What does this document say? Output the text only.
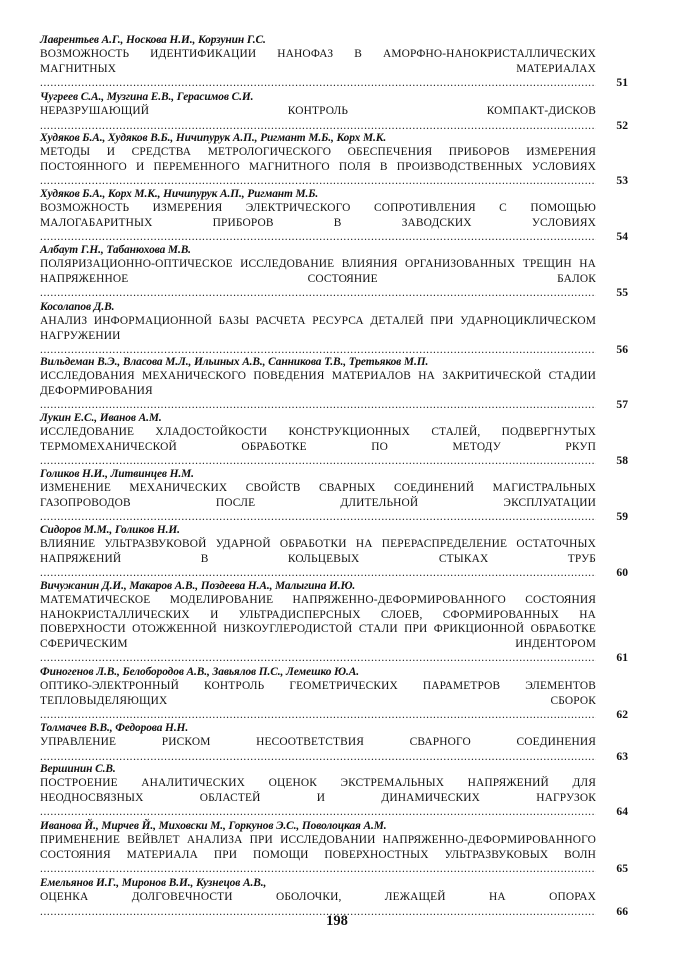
Лаврентьев А.Г., Носкова Н.И., Корзунин Г.С.
ВОЗМОЖНОСТЬ ИДЕНТИФИКАЦИИ НАНОФАЗ В АМОРФНО-НАНОКРИСТАЛЛИЧЕСКИХ МАГНИТНЫХ МАТЕРИАЛАХ .....
51
Чугреев С.А., Музгина Е.В., Герасимов С.И.
НЕРАЗРУШАЮЩИЙ КОНТРОЛЬ КОМПАКТ-ДИСКОВ .....
52
Худяков Б.А., Худяков В.Б., Ничипурук А.П., Ригмант М.Б., Корх М.К.
МЕТОДЫ И СРЕДСТВА МЕТРОЛОГИЧЕСКОГО ОБЕСПЕЧЕНИЯ ПРИБОРОВ ИЗМЕРЕНИЯ ПОСТОЯННОГО И ПЕРЕМЕННОГО МАГНИТНОГО ПОЛЯ В ПРОИЗВОДСТВЕННЫХ УСЛОВИЯХ .....
53
Худяков Б.А., Корх М.К., Ничипурук А.П., Ригмант М.Б.
ВОЗМОЖНОСТЬ ИЗМЕРЕНИЯ ЭЛЕКТРИЧЕСКОГО СОПРОТИВЛЕНИЯ С ПОМОЩЬЮ МАЛОГАБАРИТНЫХ ПРИБОРОВ В ЗАВОДСКИХ УСЛОВИЯХ .....
54
Албаут Г.Н., Табанюхова М.В.
ПОЛЯРИЗАЦИОННО-ОПТИЧЕСКОЕ ИССЛЕДОВАНИЕ ВЛИЯНИЯ ОРГАНИЗОВАННЫХ ТРЕЩИН НА НАПРЯЖЕННОЕ СОСТОЯНИЕ БАЛОК .....
55
Косолапов Д.В.
АНАЛИЗ ИНФОРМАЦИОННОЙ БАЗЫ РАСЧЕТА РЕСУРСА ДЕТАЛЕЙ ПРИ УДАРНОЦИКЛИЧЕСКОМ НАГРУЖЕНИИ .....
56
Вильдеман В.Э., Власова М.Л., Ильиных А.В., Санникова Т.В., Третьяков М.П.
ИССЛЕДОВАНИЯ МЕХАНИЧЕСКОГО ПОВЕДЕНИЯ МАТЕРИАЛОВ НА ЗАКРИТИЧЕСКОЙ СТАДИИ ДЕФОРМИРОВАНИЯ .....
57
Лукин Е.С., Иванов А.М.
ИССЛЕДОВАНИЕ ХЛАДОСТОЙКОСТИ КОНСТРУКЦИОННЫХ СТАЛЕЙ, ПОДВЕРГНУТЫХ ТЕРМОМЕХАНИЧЕСКОЙ ОБРАБОТКЕ ПО МЕТОДУ РКУП .....
58
Голиков Н.И., Литвинцев Н.М.
ИЗМЕНЕНИЕ МЕХАНИЧЕСКИХ СВОЙСТВ СВАРНЫХ СОЕДИНЕНИЙ МАГИСТРАЛЬНЫХ ГАЗОПРОВОДОВ ПОСЛЕ ДЛИТЕЛЬНОЙ ЭКСПЛУАТАЦИИ .....
59
Сидоров М.М., Голиков Н.И.
ВЛИЯНИЕ УЛЬТРАЗВУКОВОЙ УДАРНОЙ ОБРАБОТКИ НА ПЕРЕРАСПРЕДЕЛЕНИЕ ОСТАТОЧНЫХ НАПРЯЖЕНИЙ В КОЛЬЦЕВЫХ СТЫКАХ ТРУБ .....
60
Вичужанин Д.И., Макаров А.В., Поздеева Н.А., Малыгина И.Ю.
МАТЕМАТИЧЕСКОЕ МОДЕЛИРОВАНИЕ НАПРЯЖЕННО-ДЕФОРМИРОВАННОГО СОСТОЯНИЯ НАНОКРИСТАЛЛИЧЕСКИХ И УЛЬТРАДИСПЕРСНЫХ СЛОЕВ, СФОРМИРОВАННЫХ НА ПОВЕРХНОСТИ ОТОЖЖЕННОЙ НИЗКОУГЛЕРОДИСТОЙ СТАЛИ ПРИ ФРИКЦИОННОЙ ОБРАБОТКЕ СФЕРИЧЕСКИМ ИНДЕНТОРОМ .....
61
Финогенов Л.В., Белобородов А.В., Завьялов П.С., Лемешко Ю.А.
ОПТИКО-ЭЛЕКТРОННЫЙ КОНТРОЛЬ ГЕОМЕТРИЧЕСКИХ ПАРАМЕТРОВ ЭЛЕМЕНТОВ ТЕПЛОВЫДЕЛЯЮЩИХ СБОРОК .....
62
Толмачев В.В., Федорова Н.Н.
УПРАВЛЕНИЕ РИСКОМ НЕСООТВЕТСТВИЯ СВАРНОГО СОЕДИНЕНИЯ .....
63
Вершинин С.В.
ПОСТРОЕНИЕ АНАЛИТИЧЕСКИХ ОЦЕНОК ЭКСТРЕМАЛЬНЫХ НАПРЯЖЕНИЙ ДЛЯ НЕОДНОСВЯЗНЫХ ОБЛАСТЕЙ И ДИНАМИЧЕСКИХ НАГРУЗОК .....
64
Иванова Й., Мирчев Й., Миховски М., Горкунов Э.С., Поволоцкая А.М.
ПРИМЕНЕНИЕ ВЕЙВЛЕТ АНАЛИЗА ПРИ ИССЛЕДОВАНИИ НАПРЯЖЕННО-ДЕФОРМИРОВАННОГО СОСТОЯНИЯ МАТЕРИАЛА ПРИ ПОМОЩИ ПОВЕРХНОСТНЫХ УЛЬТРАЗВУКОВЫХ ВОЛН .....
65
Емельянов И.Г., Миронов В.И., Кузнецов А.В.,
ОЦЕНКА ДОЛГОВЕЧНОСТИ ОБОЛОЧКИ, ЛЕЖАЩЕЙ НА ОПОРАХ .....
66
198
